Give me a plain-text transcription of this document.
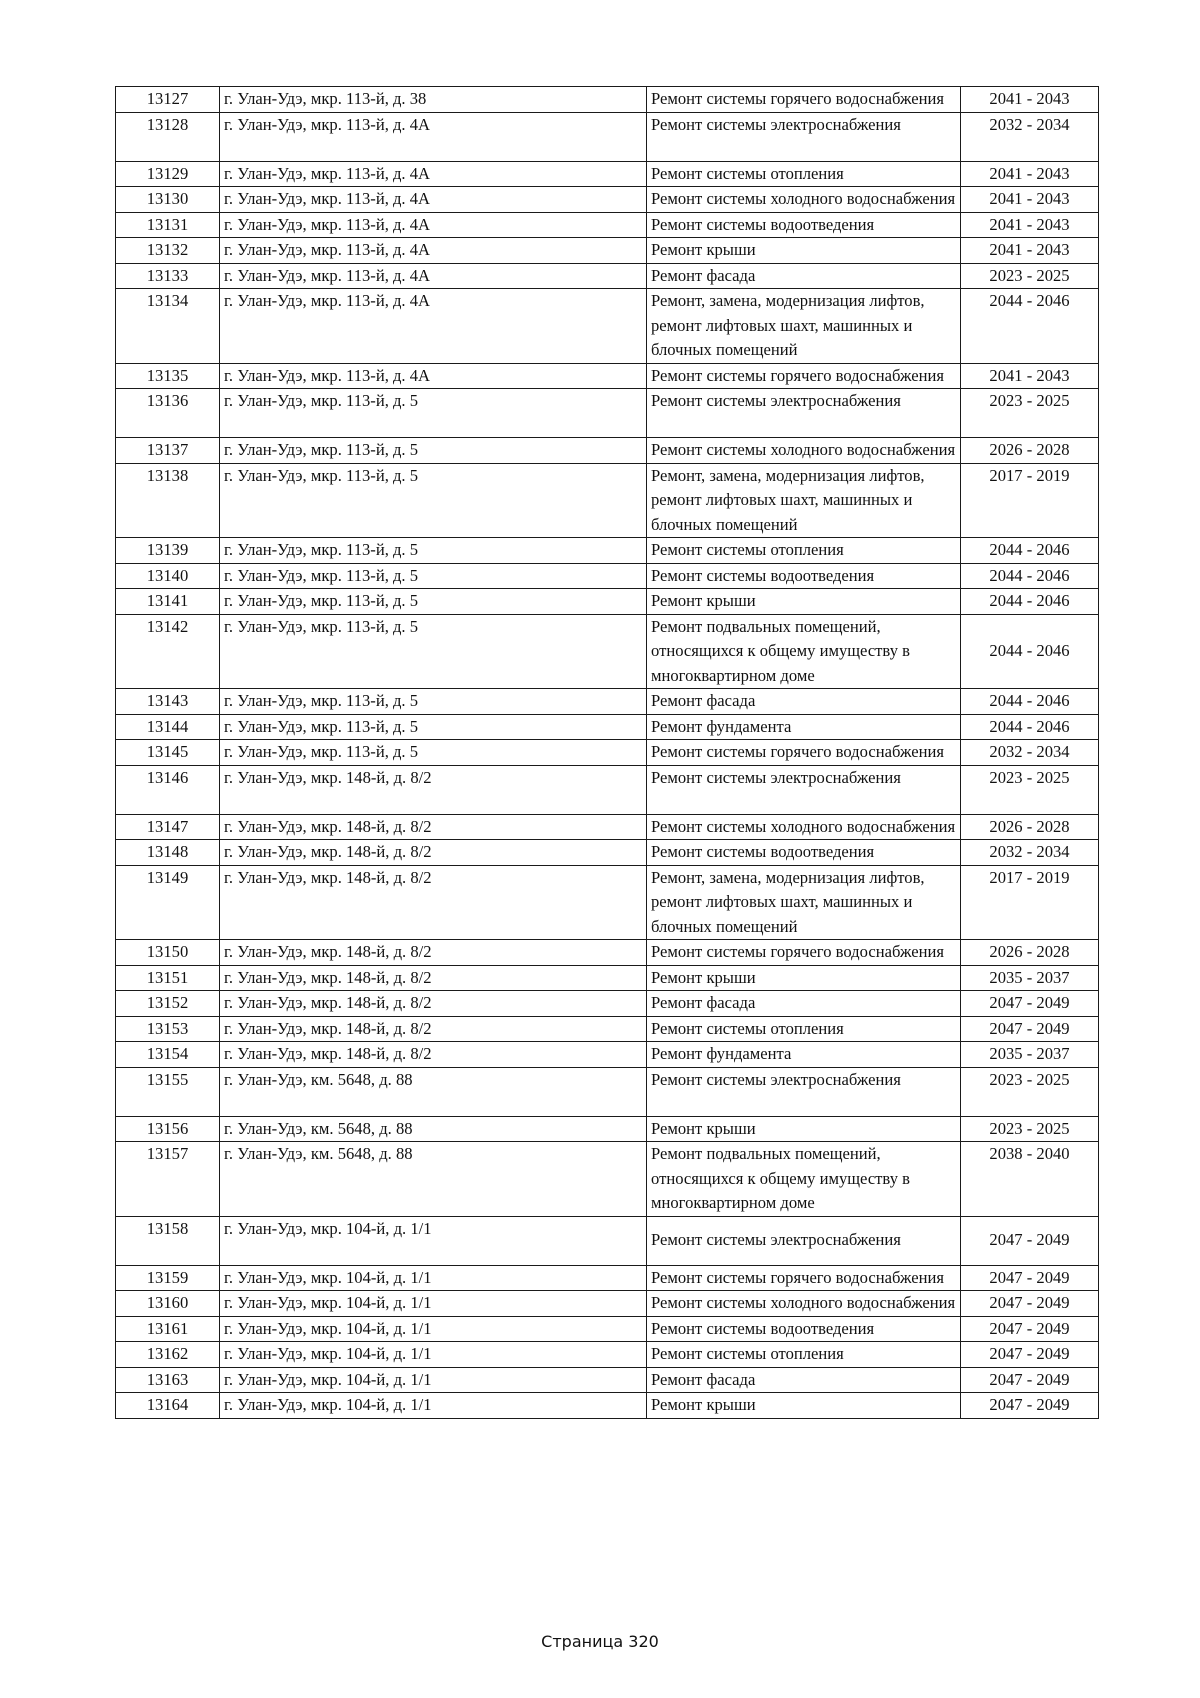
13127	г. Улан-Удэ, мкр. 113-й, д. 38	Ремонт системы горячего водоснабжения	2041 - 2043
13128	г. Улан-Удэ, мкр. 113-й, д. 4А	Ремонт системы электроснабжения	2032 - 2034
13129	г. Улан-Удэ, мкр. 113-й, д. 4А	Ремонт системы отопления	2041 - 2043
13130	г. Улан-Удэ, мкр. 113-й, д. 4А	Ремонт системы холодного водоснабжения	2041 - 2043
13131	г. Улан-Удэ, мкр. 113-й, д. 4А	Ремонт системы водоотведения	2041 - 2043
13132	г. Улан-Удэ, мкр. 113-й, д. 4А	Ремонт крыши	2041 - 2043
13133	г. Улан-Удэ, мкр. 113-й, д. 4А	Ремонт фасада	2023 - 2025
13134	г. Улан-Удэ, мкр. 113-й, д. 4А	Ремонт, замена, модернизация лифтов, ремонт лифтовых шахт, машинных и блочных помещений	2044 - 2046
13135	г. Улан-Удэ, мкр. 113-й, д. 4А	Ремонт системы горячего водоснабжения	2041 - 2043
13136	г. Улан-Удэ, мкр. 113-й, д. 5	Ремонт системы электроснабжения	2023 - 2025
13137	г. Улан-Удэ, мкр. 113-й, д. 5	Ремонт системы холодного водоснабжения	2026 - 2028
13138	г. Улан-Удэ, мкр. 113-й, д. 5	Ремонт, замена, модернизация лифтов, ремонт лифтовых шахт, машинных и блочных помещений	2017 - 2019
13139	г. Улан-Удэ, мкр. 113-й, д. 5	Ремонт системы отопления	2044 - 2046
13140	г. Улан-Удэ, мкр. 113-й, д. 5	Ремонт системы водоотведения	2044 - 2046
13141	г. Улан-Удэ, мкр. 113-й, д. 5	Ремонт крыши	2044 - 2046
13142	г. Улан-Удэ, мкр. 113-й, д. 5	Ремонт подвальных помещений, относящихся к общему имуществу в многоквартирном доме	2044 - 2046
13143	г. Улан-Удэ, мкр. 113-й, д. 5	Ремонт фасада	2044 - 2046
13144	г. Улан-Удэ, мкр. 113-й, д. 5	Ремонт фундамента	2044 - 2046
13145	г. Улан-Удэ, мкр. 113-й, д. 5	Ремонт системы горячего водоснабжения	2032 - 2034
13146	г. Улан-Удэ, мкр. 148-й, д. 8/2	Ремонт системы электроснабжения	2023 - 2025
13147	г. Улан-Удэ, мкр. 148-й, д. 8/2	Ремонт системы холодного водоснабжения	2026 - 2028
13148	г. Улан-Удэ, мкр. 148-й, д. 8/2	Ремонт системы водоотведения	2032 - 2034
13149	г. Улан-Удэ, мкр. 148-й, д. 8/2	Ремонт, замена, модернизация лифтов, ремонт лифтовых шахт, машинных и блочных помещений	2017 - 2019
13150	г. Улан-Удэ, мкр. 148-й, д. 8/2	Ремонт системы горячего водоснабжения	2026 - 2028
13151	г. Улан-Удэ, мкр. 148-й, д. 8/2	Ремонт крыши	2035 - 2037
13152	г. Улан-Удэ, мкр. 148-й, д. 8/2	Ремонт фасада	2047 - 2049
13153	г. Улан-Удэ, мкр. 148-й, д. 8/2	Ремонт системы отопления	2047 - 2049
13154	г. Улан-Удэ, мкр. 148-й, д. 8/2	Ремонт фундамента	2035 - 2037
13155	г. Улан-Удэ, км. 5648, д. 88	Ремонт системы электроснабжения	2023 - 2025
13156	г. Улан-Удэ, км. 5648, д. 88	Ремонт крыши	2023 - 2025
13157	г. Улан-Удэ, км. 5648, д. 88	Ремонт подвальных помещений, относящихся к общему имуществу в многоквартирном доме	2038 - 2040
13158	г. Улан-Удэ, мкр. 104-й, д. 1/1	Ремонт системы электроснабжения	2047 - 2049
13159	г. Улан-Удэ, мкр. 104-й, д. 1/1	Ремонт системы горячего водоснабжения	2047 - 2049
13160	г. Улан-Удэ, мкр. 104-й, д. 1/1	Ремонт системы холодного водоснабжения	2047 - 2049
13161	г. Улан-Удэ, мкр. 104-й, д. 1/1	Ремонт системы водоотведения	2047 - 2049
13162	г. Улан-Удэ, мкр. 104-й, д. 1/1	Ремонт системы отопления	2047 - 2049
13163	г. Улан-Удэ, мкр. 104-й, д. 1/1	Ремонт фасада	2047 - 2049
13164	г. Улан-Удэ, мкр. 104-й, д. 1/1	Ремонт крыши	2047 - 2049
Страница 320
